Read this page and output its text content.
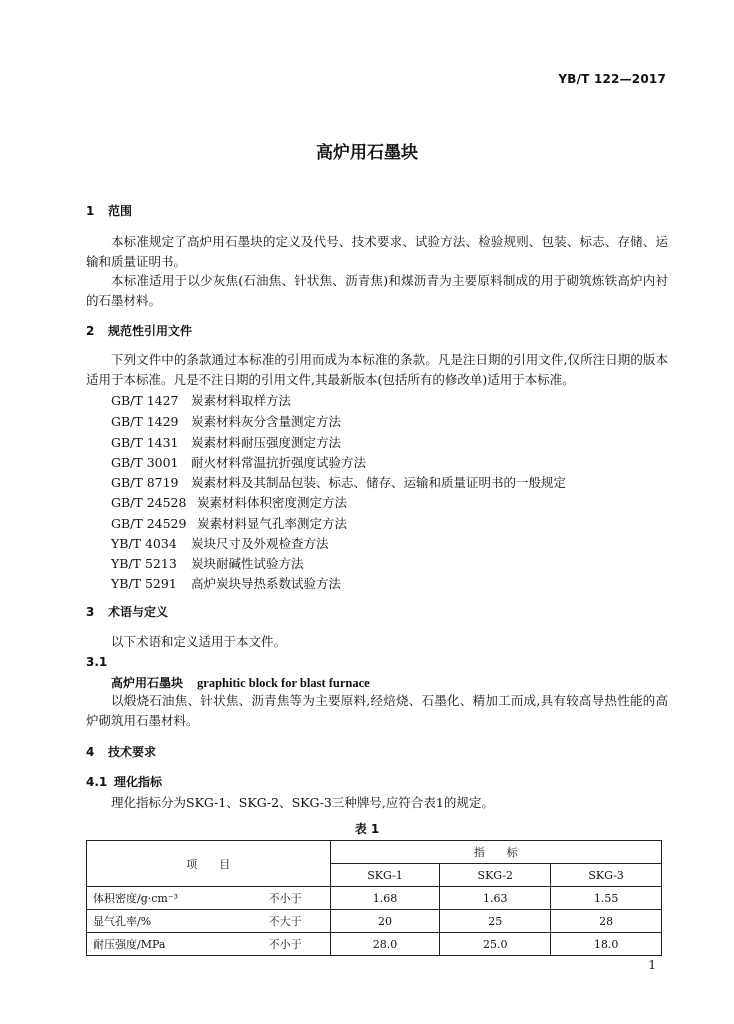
YB/T 122—2017
高炉用石墨块
1 范围
本标准规定了高炉用石墨块的定义及代号、技术要求、试验方法、检验规则、包装、标志、存储、运输和质量证明书。
本标准适用于以少灰焦(石油焦、针状焦、沥青焦)和煤沥青为主要原料制成的用于砌筑炼铁高炉内衬的石墨材料。
2 规范性引用文件
下列文件中的条款通过本标准的引用而成为本标准的条款。凡是注日期的引用文件,仅所注日期的版本适用于本标准。凡是不注日期的引用文件,其最新版本(包括所有的修改单)适用于本标准。
GB/T 1427 炭素材料取样方法
GB/T 1429 炭素材料灰分含量测定方法
GB/T 1431 炭素材料耐压强度测定方法
GB/T 3001 耐火材料常温抗折强度试验方法
GB/T 8719 炭素材料及其制品包装、标志、储存、运输和质量证明书的一般规定
GB/T 24528 炭素材料体积密度测定方法
GB/T 24529 炭素材料显气孔率测定方法
YB/T 4034 炭块尺寸及外观检查方法
YB/T 5213 炭块耐碱性试验方法
YB/T 5291 高炉炭块导热系数试验方法
3 术语与定义
以下术语和定义适用于本文件。
3.1
高炉用石墨块 graphitic block for blast furnace
以煅烧石油焦、针状焦、沥青焦等为主要原料,经焙烧、石墨化、精加工而成,具有较高导热性能的高炉砌筑用石墨材料。
4 技术要求
4.1 理化指标
理化指标分为SKG-1、SKG-2、SKG-3三种牌号,应符合表1的规定。
表 1
项　　目		指　　标		
		SKG-1	SKG-2	SKG-3
体积密度/g·cm⁻³	不小于	1.68	1.63	1.55
显气孔率/%	不大于	20	25	28
耐压强度/MPa	不小于	28.0	25.0	18.0
1
